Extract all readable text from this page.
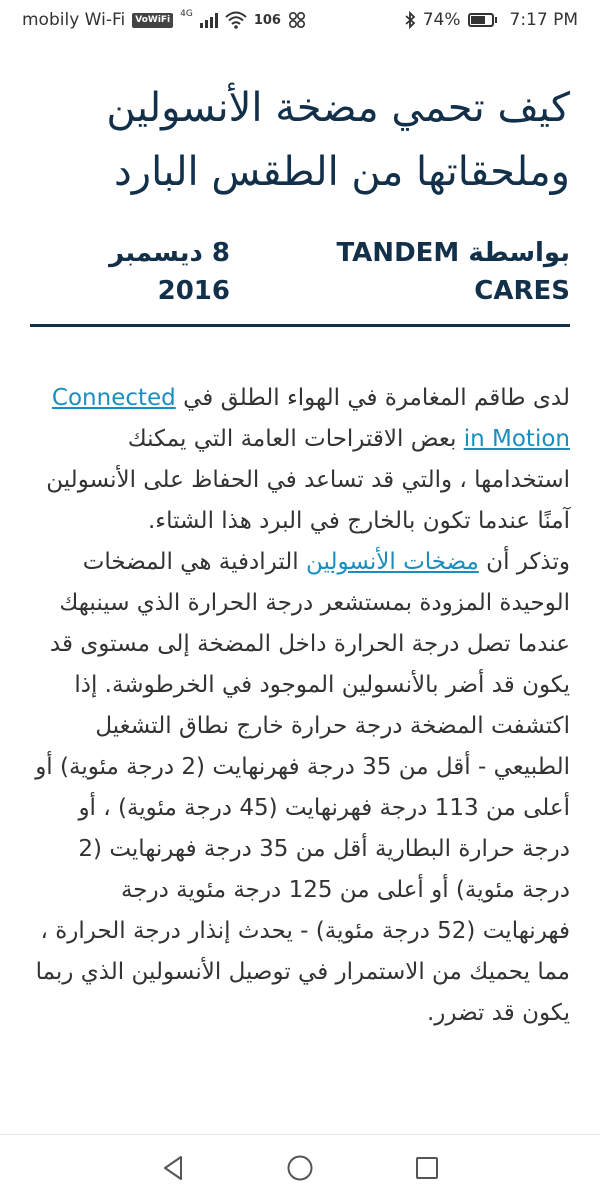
mobily Wi-Fi	VoWiFi
4G	106	74%	7:17 PM
كيف تحمي مضخة الأنسولين وملحقاتها من الطقس البارد
بواسطة TANDEM CARES
8 ديسمبر 2016

لدى طاقم المغامرة في الهواء الطلق في Connected in Motion بعض الاقتراحات العامة التي يمكنك استخدامها ، والتي قد تساعد في الحفاظ على الأنسولين آمنًا عندما تكون بالخارج في البرد هذا الشتاء.

وتذكر أن مضخات الأنسولين الترادفية هي المضخات الوحيدة المزودة بمستشعر درجة الحرارة الذي سينبهك عندما تصل درجة الحرارة داخل المضخة إلى مستوى قد يكون قد أضر بالأنسولين الموجود في الخرطوشة. إذا اكتشفت المضخة درجة حرارة خارج نطاق التشغيل الطبيعي - أقل من 35 درجة فهرنهايت (2 درجة مئوية) أو أعلى من 113 درجة فهرنهايت (45 درجة مئوية) ، أو درجة حرارة البطارية أقل من 35 درجة فهرنهايت (2 درجة مئوية) أو أعلى من 125 درجة مئوية درجة فهرنهايت (52 درجة مئوية) - يحدث إنذار درجة الحرارة ، مما يحميك من الاستمرار في توصيل الأنسولين الذي ربما يكون قد تضرر.
